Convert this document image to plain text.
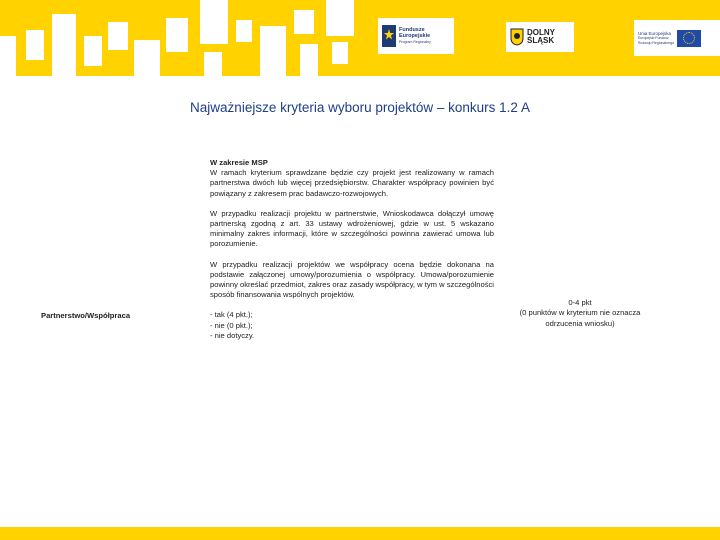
Fundusze
Europejskie
Program Regionalny
DOLNY
ŚLĄSK
Unia Europejska
Europejski Fundusz
Rozwoju Regionalnego
Najważniejsze kryteria wyboru projektów – konkurs 1.2 A
Partnerstwo/Współpraca

W zakresie MSP
W ramach kryterium sprawdzane będzie czy projekt jest realizowany w ramach partnerstwa dwóch lub więcej przedsiębiorstw. Charakter współpracy powinien być powiązany z zakresem prac badawczo-rozwojowych.

W przypadku realizacji projektu w partnerstwie, Wnioskodawca dołączył umowę partnerską zgodną z art. 33 ustawy wdrożeniowej, gdzie w ust. 5 wskazano minimalny zakres informacji, które w szczególności powinna zawierać umowa lub porozumienie.

W przypadku realizacji projektów we współpracy ocena będzie dokonana na podstawie załączonej umowy/porozumienia o współpracy. Umowa/porozumienie powinny określać przedmiot, zakres oraz zasady współpracy, w tym w szczególności sposób finansowania wspólnych projektów.

- tak (4 pkt.);
- nie (0 pkt.);
- nie dotyczy.
0-4 pkt
(0 punktów w kryterium nie oznacza odrzucenia wniosku)
